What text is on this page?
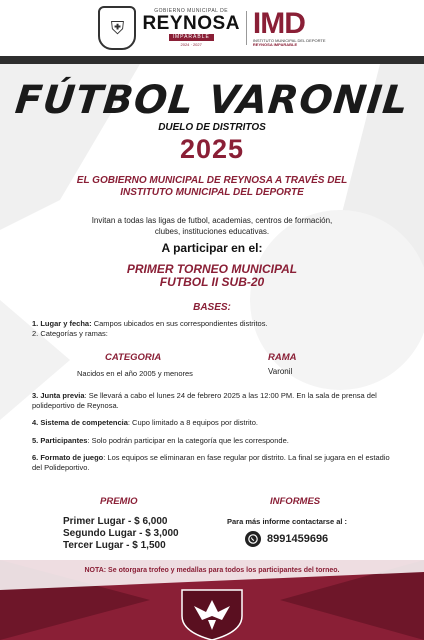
⛨
GOBIERNO MUNICIPAL DE
REYNOSA
IMPARABLE
2024 · 2027
IMD
INSTITUTO MUNICIPAL DEL DEPORTE
REYNOSA IMPARABLE
FÚTBOL VARONIL
DUELO DE DISTRITOS
2025
EL GOBIERNO MUNICIPAL DE REYNOSA A TRAVÉS DEL
INSTITUTO MUNICIPAL DEL DEPORTE
Invitan a todas las ligas de futbol, academias, centros de formación,
clubes, instituciones educativas.
A participar en el:
PRIMER TORNEO MUNICIPAL
FUTBOL II SUB-20
BASES:
1. Lugar y fecha: Campos ubicados en sus correspondientes distritos.
2. Categorías y ramas:
CATEGORIA
Nacidos en el año 2005 y menores
RAMA
Varonil

3. Junta previa: Se llevará a cabo el lunes 24 de febrero 2025 a las 12:00 PM. En la sala de prensa del polideportivo de Reynosa.

4. Sistema de competencia: Cupo limitado a 8 equipos por distrito.

5. Participantes: Solo podrán participar en la categoría que les corresponde.

6. Formato de juego: Los equipos se eliminaran en fase regular por distrito. La final se jugara en el estadio del Polideportivo.

PREMIO
Primer Lugar - $ 6,000
Segundo Lugar - $ 3,000
Tercer Lugar - $ 1,500
INFORMES
Para más informe contactarse al :
8991459696
NOTA: Se otorgara trofeo y medallas para todos los participantes del torneo.
